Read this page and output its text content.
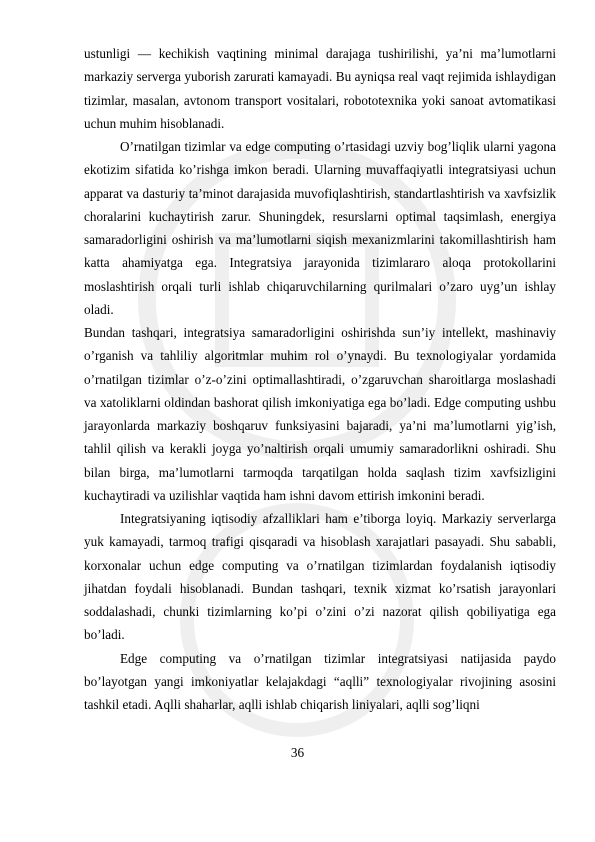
ustunligi — kechikish vaqtining minimal darajaga tushirilishi, ya’ni ma’lumotlarni markaziy serverga yuborish zarurati kamayadi. Bu ayniqsa real vaqt rejimida ishlaydigan tizimlar, masalan, avtonom transport vositalari, robototexnika yoki sanoat avtomatikasi uchun muhim hisoblanadi.

O’rnatilgan tizimlar va edge computing o’rtasidagi uzviy bog’liqlik ularni yagona ekotizim sifatida ko’rishga imkon beradi. Ularning muvaffaqiyatli integratsiyasi uchun apparat va dasturiy ta’minot darajasida muvofiqlashtirish, standartlashtirish va xavfsizlik choralarini kuchaytirish zarur. Shuningdek, resurslarni optimal taqsimlash, energiya samaradorligini oshirish va ma’lumotlarni siqish mexanizmlarini takomillashtirish ham katta ahamiyatga ega. Integratsiya jarayonida tizimlararo aloqa protokollarini moslashtirish orqali turli ishlab chiqaruvchilarning qurilmalari o’zaro uyg’un ishlay oladi.

Bundan tashqari, integratsiya samaradorligini oshirishda sun’iy intellekt, mashinaviy o’rganish va tahliliy algoritmlar muhim rol o’ynaydi. Bu texnologiyalar yordamida o’rnatilgan tizimlar o’z-o’zini optimallashtiradi, o’zgaruvchan sharoitlarga moslashadi va xatoliklarni oldindan bashorat qilish imkoniyatiga ega bo’ladi. Edge computing ushbu jarayonlarda markaziy boshqaruv funksiyasini bajaradi, ya’ni ma’lumotlarni yig’ish, tahlil qilish va kerakli joyga yo’naltirish orqali umumiy samaradorlikni oshiradi. Shu bilan birga, ma’lumotlarni tarmoqda tarqatilgan holda saqlash tizim xavfsizligini kuchaytiradi va uzilishlar vaqtida ham ishni davom ettirish imkonini beradi.

Integratsiyaning iqtisodiy afzalliklari ham e’tiborga loyiq. Markaziy serverlarga yuk kamayadi, tarmoq trafigi qisqaradi va hisoblash xarajatlari pasayadi. Shu sababli, korxonalar uchun edge computing va o’rnatilgan tizimlardan foydalanish iqtisodiy jihatdan foydali hisoblanadi. Bundan tashqari, texnik xizmat ko’rsatish jarayonlari soddalashadi, chunki tizimlarning ko’pi o’zini o’zi nazorat qilish qobiliyatiga ega bo’ladi.

Edge computing va o’rnatilgan tizimlar integratsiyasi natijasida paydo bo’layotgan yangi imkoniyatlar kelajakdagi “aqlli” texnologiyalar rivojining asosini tashkil etadi. Aqlli shaharlar, aqlli ishlab chiqarish liniyalari, aqlli sog’liqni

36
